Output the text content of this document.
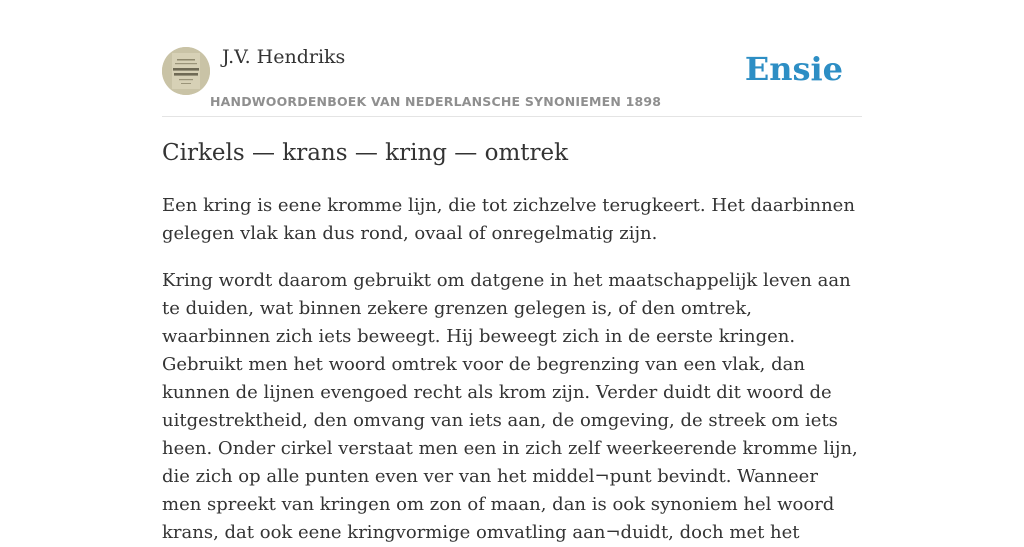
J.V. Hendriks
HANDWOORDENBOEK VAN NEDERLANSCHE SYNONIEMEN 1898
Ensie
Cirkels — krans — kring — omtrek

Een kring is eene kromme lijn, die tot zichzelve terugkeert. Het daarbinnen gelegen vlak kan dus rond, ovaal of onregelmatig zijn.

Kring wordt daarom gebruikt om datgene in het maatschappelijk leven aan te duiden, wat binnen zekere grenzen gelegen is, of den omtrek, waarbinnen zich iets beweegt. Hij beweegt zich in de eerste kringen. Gebruikt men het woord omtrek voor de begrenzing van een vlak, dan kunnen de lijnen evengoed recht als krom zijn. Verder duidt dit woord de uitgestrektheid, den omvang van iets aan, de omgeving, de streek om iets heen. Onder cirkel verstaat men een in zich zelf weerkeerende kromme lijn, die zich op alle punten even ver van het middel¬punt bevindt. Wanneer men spreekt van kringen om zon of maan, dan is ook synoniem hel woord krans, dat ook eene kringvormige omvatling aan¬duidt, doch met het
